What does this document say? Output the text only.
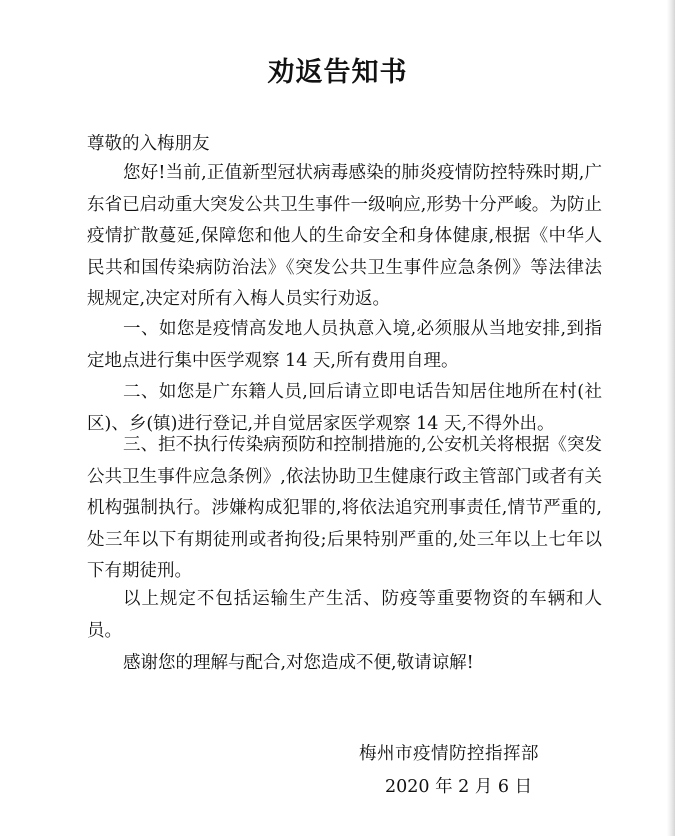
劝返告知书
尊敬的入梅朋友
您好!当前,正值新型冠状病毒感染的肺炎疫情防控特殊时期,广东省已启动重大突发公共卫生事件一级响应,形势十分严峻。为防止疫情扩散蔓延,保障您和他人的生命安全和身体健康,根据《中华人民共和国传染病防治法》《突发公共卫生事件应急条例》等法律法规规定,决定对所有入梅人员实行劝返。
一、如您是疫情高发地人员执意入境,必须服从当地安排,到指定地点进行集中医学观察 14 天,所有费用自理。
二、如您是广东籍人员,回后请立即电话告知居住地所在村(社区)、乡(镇)进行登记,并自觉居家医学观察 14 天,不得外出。
三、拒不执行传染病预防和控制措施的,公安机关将根据《突发公共卫生事件应急条例》,依法协助卫生健康行政主管部门或者有关机构强制执行。涉嫌构成犯罪的,将依法追究刑事责任,情节严重的,处三年以下有期徒刑或者拘役;后果特别严重的,处三年以上七年以下有期徒刑。
以上规定不包括运输生产生活、防疫等重要物资的车辆和人员。
感谢您的理解与配合,对您造成不便,敬请谅解!
梅州市疫情防控指挥部
2020 年 2 月 6 日
